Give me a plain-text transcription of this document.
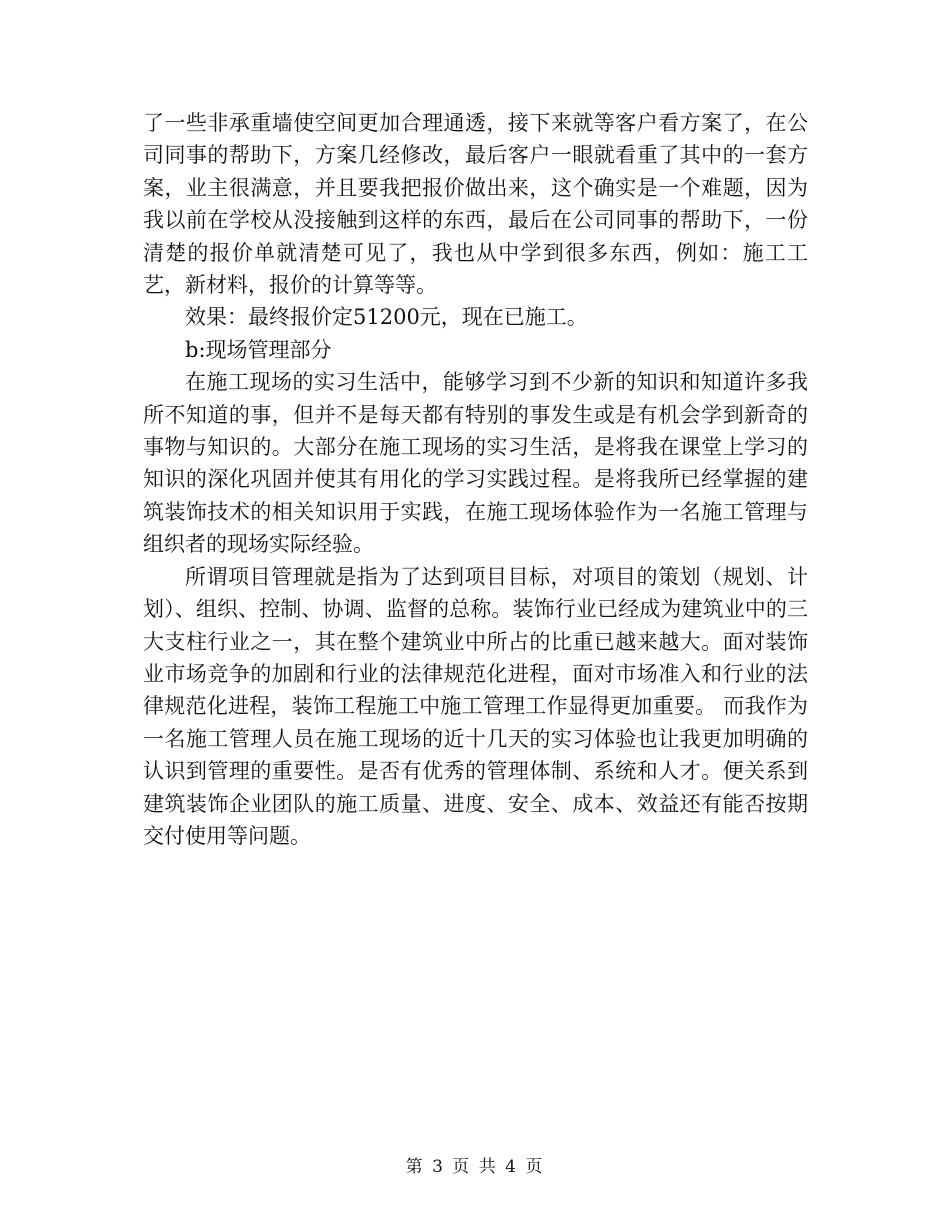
了一些非承重墙使空间更加合理通透，接下来就等客户看方案了，在公司同事的帮助下，方案几经修改，最后客户一眼就看重了其中的一套方案，业主很满意，并且要我把报价做出来，这个确实是一个难题，因为我以前在学校从没接触到这样的东西，最后在公司同事的帮助下，一份清楚的报价单就清楚可见了，我也从中学到很多东西，例如：施工工艺，新材料，报价的计算等等。

效果：最终报价定51200元，现在已施工。

b:现场管理部分

在施工现场的实习生活中，能够学习到不少新的知识和知道许多我所不知道的事，但并不是每天都有特别的事发生或是有机会学到新奇的事物与知识的。大部分在施工现场的实习生活，是将我在课堂上学习的知识的深化巩固并使其有用化的学习实践过程。是将我所已经掌握的建筑装饰技术的相关知识用于实践，在施工现场体验作为一名施工管理与组织者的现场实际经验。

所谓项目管理就是指为了达到项目目标，对项目的策划（规划、计划）、组织、控制、协调、监督的总称。装饰行业已经成为建筑业中的三大支柱行业之一，其在整个建筑业中所占的比重已越来越大。面对装饰业市场竞争的加剧和行业的法律规范化进程，面对市场准入和行业的法律规范化进程，装饰工程施工中施工管理工作显得更加重要。 而我作为一名施工管理人员在施工现场的近十几天的实习体验也让我更加明确的认识到管理的重要性。是否有优秀的管理体制、系统和人才。便关系到建筑装饰企业团队的施工质量、进度、安全、成本、效益还有能否按期交付使用等问题。

第 3 页 共 4 页
